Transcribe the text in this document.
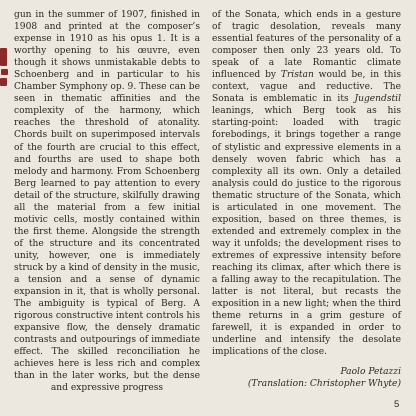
gun in the summer of 1907, finished in 1908 and printed at the composer’s expense in 1910 as his opus 1. It is a worthy opening to his œuvre, even though it shows unmistakable debts to Schoenberg and in particular to his Chamber Symphony op. 9. These can be seen in thematic affinities and the complexity of the harmony, which reaches the threshold of atonality. Chords built on superimposed intervals of the fourth are crucial to this effect, and fourths are used to shape both melody and harmony. From Schoenberg Berg learned to pay attention to every detail of the structure, skilfully drawing all the material from a few initial motivic cells, mostly contained within the first theme. Alongside the strength of the structure and its concentrated unity, however, one is immediately struck by a kind of density in the music, a tension and a sense of dynamic expansion in it, that is wholly personal. The ambiguity is typical of Berg. A rigorous constructive intent controls his expansive flow, the densely dramatic contrasts and outpourings of immediate effect. The skilled reconciliation he achieves here is less rich and complex than in the later works, but the dense and expressive progress

of the Sonata, which ends in a gesture of tragic desolation, reveals many essential features of the personality of a composer then only 23 years old. To speak of a late Romantic climate influenced by Tristan would be, in this context, vague and reductive. The Sonata is emblematic in its Jugendstil leanings, which Berg took as his starting-point: loaded with tragic forebodings, it brings together a range of stylistic and expressive elements in a densely woven fabric which has a complexity all its own. Only a detailed analysis could do justice to the rigorous thematic structure of the Sonata, which is articulated in one movement. The exposition, based on three themes, is extended and extremely complex in the way it unfolds; the development rises to extremes of expressive intensity before reaching its climax, after which there is a falling away to the recapitulation. The latter is not literal, but recasts the exposition in a new light; when the third theme returns in a grim gesture of farewell, it is expanded in order to underline and intensify the desolate implications of the close.

Paolo Petazzi
(Translation: Christopher Whyte)
5
